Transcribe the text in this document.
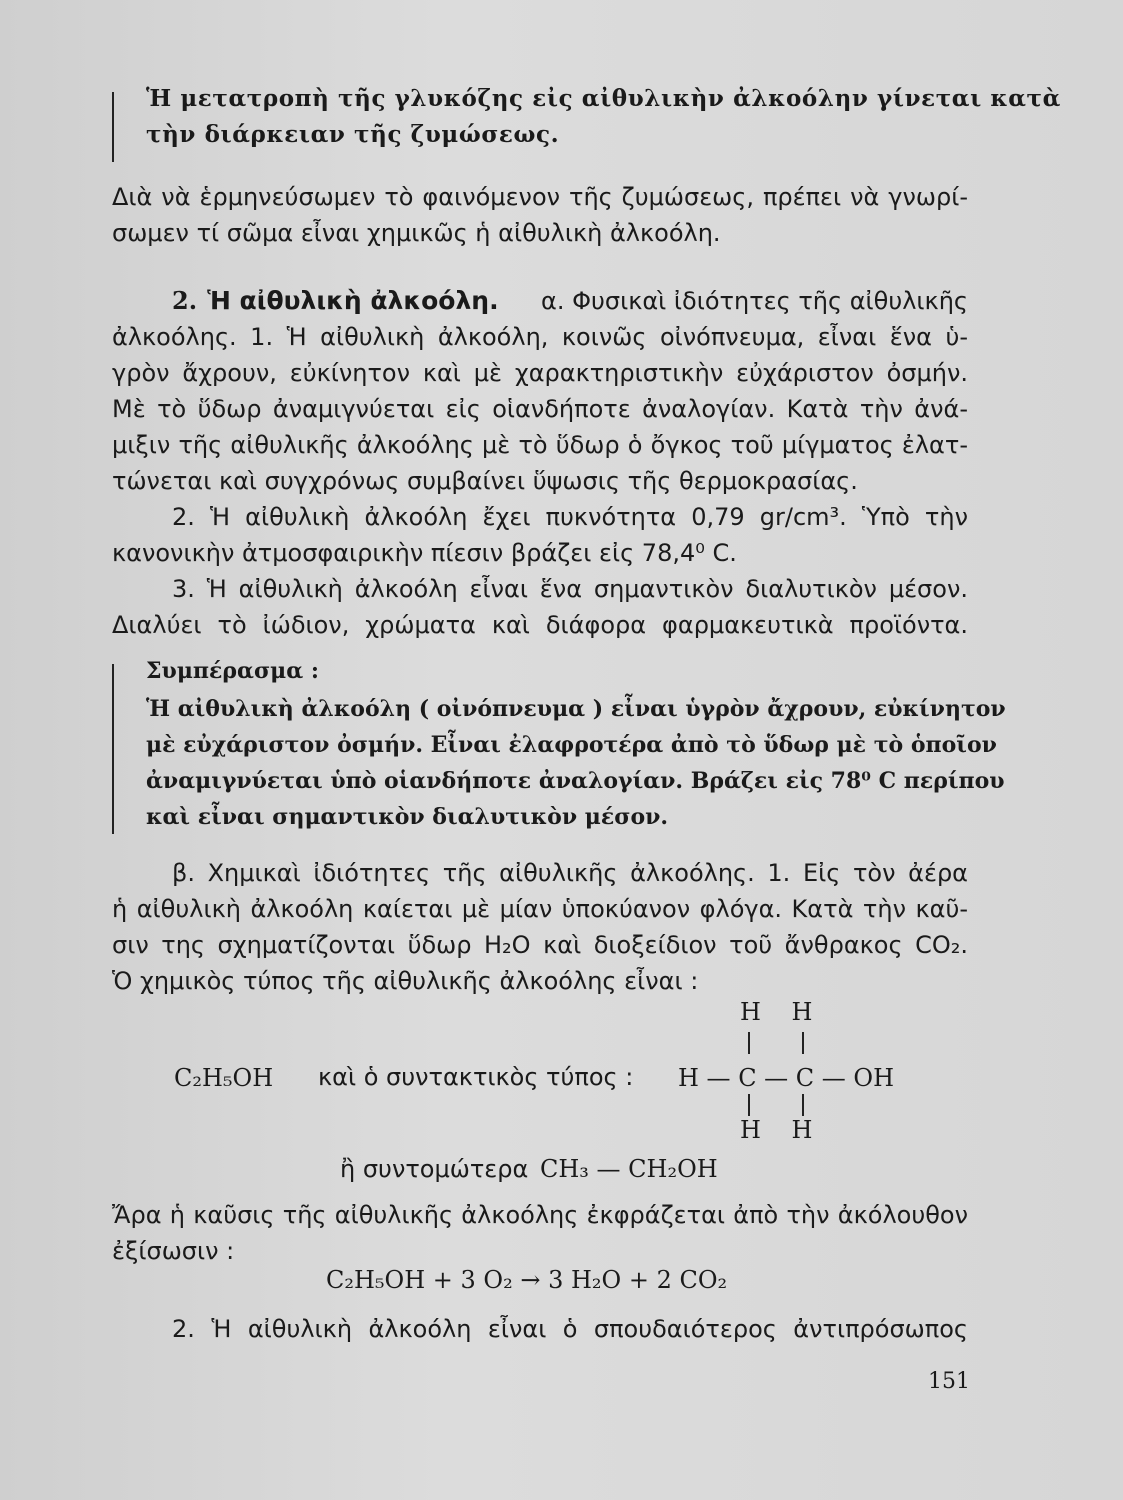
Ἡ μετατροπὴ τῆς γλυκόζης εἰς αἰθυλικὴν ἀλκοόλην γίνεται κατὰ
τὴν διάρκειαν τῆς ζυμώσεως.
Διὰ νὰ ἑρμηνεύσωμεν τὸ φαινόμενον τῆς ζυμώσεως, πρέπει νὰ γνωρί-
σωμεν τί σῶμα εἶναι χημικῶς ἡ αἰθυλικὴ ἀλκοόλη.
2. Ἡ αἰθυλικὴ ἀλκοόλη. α. Φυσικαὶ ἰδιότητες τῆς αἰθυλικῆς
ἀλκοόλης. 1. Ἡ αἰθυλικὴ ἀλκοόλη, κοινῶς οἰνόπνευμα, εἶναι ἕνα ὑ-
γρὸν ἄχρουν, εὐκίνητον καὶ μὲ χαρακτηριστικὴν εὐχάριστον ὀσμήν.
Μὲ τὸ ὕδωρ ἀναμιγνύεται εἰς οἱανδήποτε ἀναλογίαν. Κατὰ τὴν ἀνά-
μιξιν τῆς αἰθυλικῆς ἀλκοόλης μὲ τὸ ὕδωρ ὁ ὄγκος τοῦ μίγματος ἐλατ-
τώνεται καὶ συγχρόνως συμβαίνει ὕψωσις τῆς θερμοκρασίας.
2. Ἡ αἰθυλικὴ ἀλκοόλη ἔχει πυκνότητα 0,79 gr/cm³. Ὑπὸ τὴν
κανονικὴν ἀτμοσφαιρικὴν πίεσιν βράζει εἰς 78,4⁰ C.
3. Ἡ αἰθυλικὴ ἀλκοόλη εἶναι ἕνα σημαντικὸν διαλυτικὸν μέσον.
Διαλύει τὸ ἰώδιον, χρώματα καὶ διάφορα φαρμακευτικὰ προϊόντα.
Συμπέρασμα :
Ἡ αἰθυλικὴ ἀλκοόλη ( οἰνόπνευμα ) εἶναι ὑγρὸν ἄχρουν, εὐκίνητον
μὲ εὐχάριστον ὀσμήν. Εἶναι ἐλαφροτέρα ἀπὸ τὸ ὕδωρ μὲ τὸ ὁποῖον
ἀναμιγνύεται ὑπὸ οἱανδήποτε ἀναλογίαν. Βράζει εἰς 78⁰ C περίπου
καὶ εἶναι σημαντικὸν διαλυτικὸν μέσον.
β. Χημικαὶ ἰδιότητες τῆς αἰθυλικῆς ἀλκοόλης. 1. Εἰς τὸν ἀέρα
ἡ αἰθυλικὴ ἀλκοόλη καίεται μὲ μίαν ὑποκύανον φλόγα. Κατὰ τὴν καῦ-
σιν της σχηματίζονται ὕδωρ H₂O καὶ διοξείδιον τοῦ ἄνθρακος CO₂.
Ὁ χημικὸς τύπος τῆς αἰθυλικῆς ἀλκοόλης εἶναι :
H    H
C₂H₅OH καὶ ὁ συντακτικὸς τύπος : H — C — C — OH
H    H
ἢ συντομώτερα CH₃ — CH₂OH
Ἄρα ἡ καῦσις τῆς αἰθυλικῆς ἀλκοόλης ἐκφράζεται ἀπὸ τὴν ἀκόλουθον
ἐξίσωσιν :
C₂H₅OH + 3 O₂ → 3 H₂O + 2 CO₂
2. Ἡ αἰθυλικὴ ἀλκοόλη εἶναι ὁ σπουδαιότερος ἀντιπρόσωπος
151
